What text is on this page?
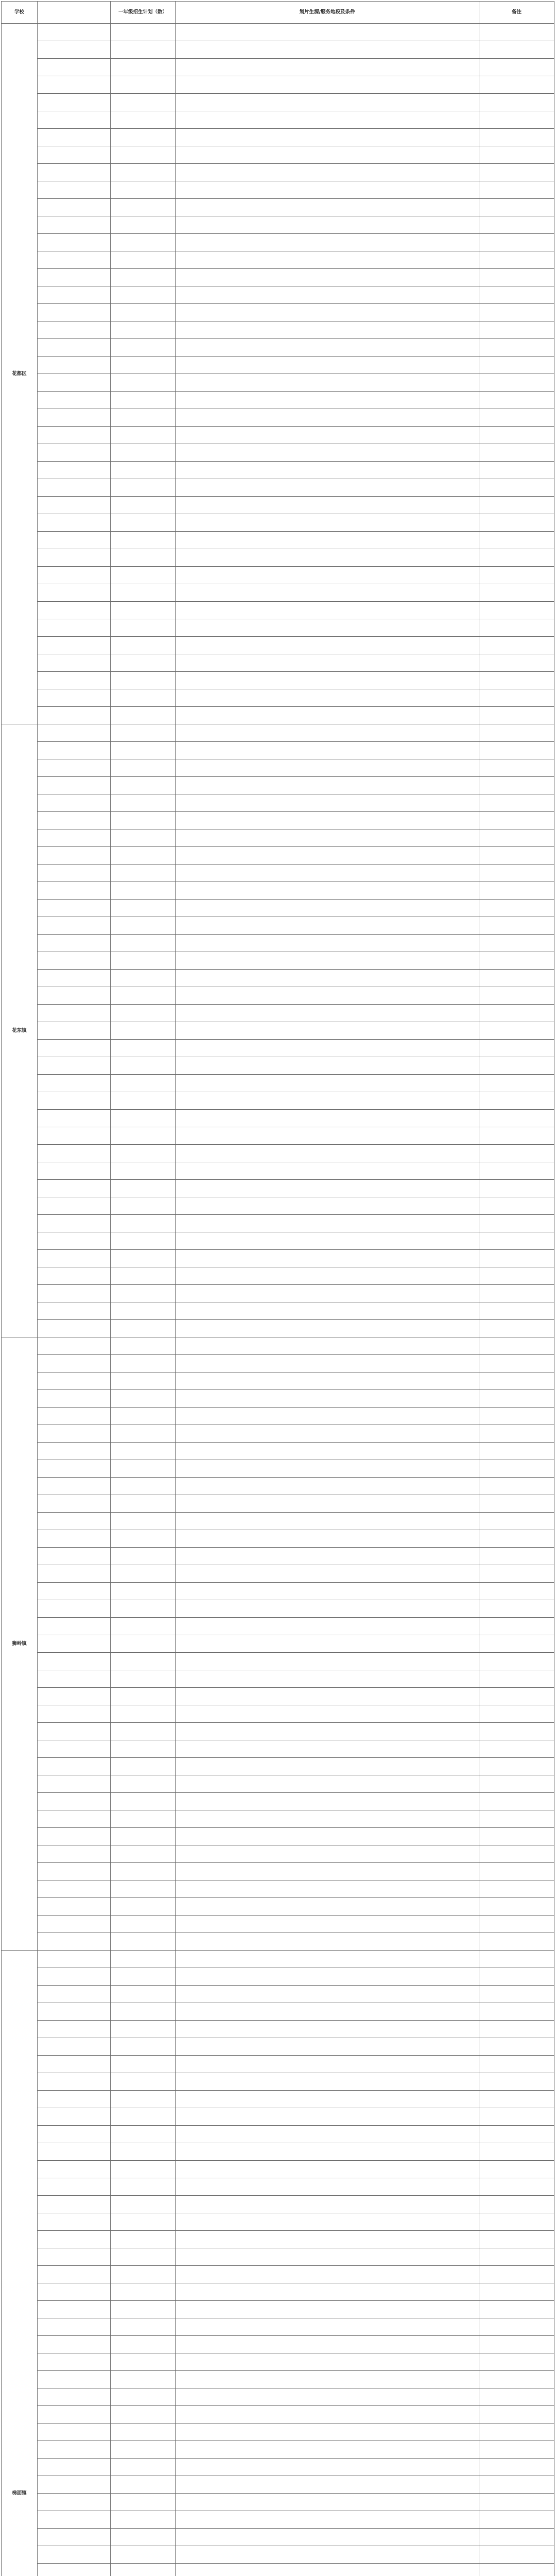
学校		一年级招生计划（数）	划片生源/服务地段及条件	备注
花都区				

花东镇				

狮岭镇				

梯面镇				
